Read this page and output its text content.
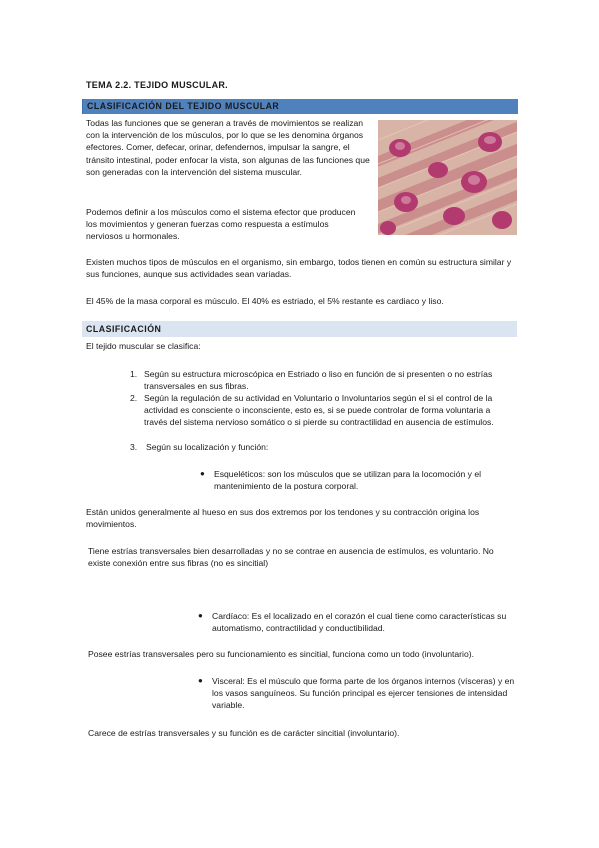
TEMA 2.2. TEJIDO MUSCULAR.
CLASIFICACIÓN DEL TEJIDO MUSCULAR
Todas las funciones que se generan a través de movimientos se realizan con la intervención de los músculos, por lo que se les denomina órganos efectores. Comer, defecar, orinar, defendernos, impulsar la sangre, el tránsito intestinal, poder enfocar la vista, son algunas de las funciones que son generadas con la intervención del sistema muscular.
Podemos definir a los músculos como el sistema efector que producen los movimientos y generan fuerzas como respuesta a estímulos nerviosos u hormonales.
Existen muchos tipos de músculos en el organismo, sin embargo, todos tienen en común su estructura similar y sus funciones, aunque sus actividades sean variadas.
El 45% de la masa corporal es músculo. El 40% es estriado, el 5% restante es cardiaco y liso.
CLASIFICACIÓN
El tejido muscular se clasifica:
1. Según su estructura microscópica en Estriado o liso en función de si presenten o no estrías transversales en sus fibras.
2. Según la regulación de su actividad en Voluntario o Involuntarios según el si el control de la actividad es consciente o inconsciente, esto es, si se puede controlar de forma voluntaria a través del sistema nervioso somático o si pierde su contractilidad en ausencia de estímulos.
3. Según su localización y función:
● Esqueléticos: son los músculos que se utilizan para la locomoción y el mantenimiento de la postura corporal.
Están unidos generalmente al hueso en sus dos extremos por los tendones y su contracción origina los movimientos.
Tiene estrías transversales bien desarrolladas y no se contrae en ausencia de estímulos, es voluntario. No existe conexión entre sus fibras (no es sincitial)
● Cardíaco: Es el localizado en el corazón el cual tiene como características su automatismo, contractilidad y conductibilidad.
Posee estrías transversales pero su funcionamiento es sincitial, funciona como un todo (involuntario).
● Visceral: Es el músculo que forma parte de los órganos internos (vísceras) y en los vasos sanguíneos. Su función principal es ejercer tensiones de intensidad variable.
Carece de estrías transversales y su función es de carácter sincitial (involuntario).
